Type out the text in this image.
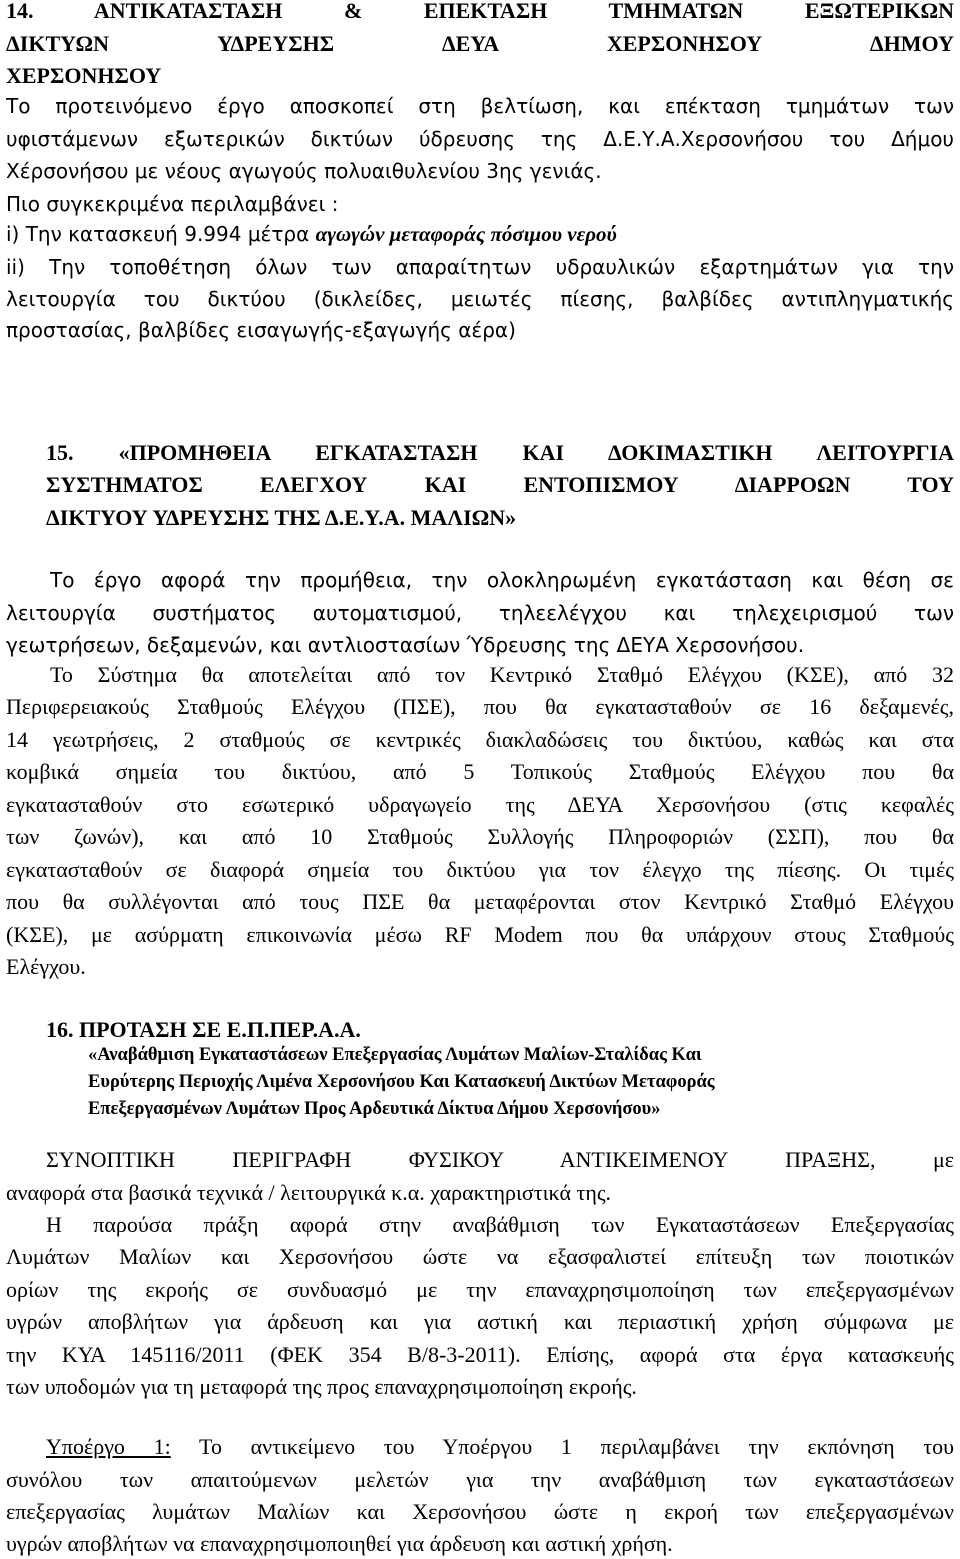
14. ΑΝΤΙΚΑΤΑΣΤΑΣΗ & ΕΠΕΚΤΑΣΗ ΤΜΗΜΑΤΩΝ ΕΞΩΤΕΡΙΚΩΝ
ΔΙΚΤΥΩΝ ΥΔΡΕΥΣΗΣ ΔΕΥΑ ΧΕΡΣΟΝΗΣΟΥ ΔΗΜΟΥ
ΧΕΡΣΟΝΗΣΟΥ
Το προτεινόμενο έργο αποσκοπεί στη βελτίωση, και επέκταση τμημάτων των
υφιστάμενων εξωτερικών δικτύων ύδρευσης της Δ.Ε.Υ.Α.Χερσονήσου του Δήμου
Χέρσονήσου με νέους αγωγούς πολυαιθυλενίου 3ης γενιάς.
Πιο συγκεκριμένα περιλαμβάνει :
i) Την κατασκευή 9.994 μέτρα αγωγών μεταφοράς πόσιμου νερού
ii) Την τοποθέτηση όλων των απαραίτητων υδραυλικών εξαρτημάτων για την
λειτουργία του δικτύου (δικλείδες, μειωτές πίεσης, βαλβίδες αντιπληγματικής
προστασίας, βαλβίδες εισαγωγής-εξαγωγής αέρα)
15. «ΠΡΟΜΗΘΕΙΑ ΕΓΚΑΤΑΣΤΑΣΗ ΚΑΙ ΔΟΚΙΜΑΣΤΙΚΗ ΛΕΙΤΟΥΡΓΙΑ
ΣΥΣΤΗΜΑΤΟΣ ΕΛΕΓΧΟΥ ΚΑΙ ΕΝΤΟΠΙΣΜΟΥ ΔΙΑΡΡΟΩΝ ΤΟΥ
ΔΙΚΤΥΟΥ ΥΔΡΕΥΣΗΣ ΤΗΣ Δ.Ε.Υ.Α. ΜΑΛΙΩΝ»
Το έργο αφορά την προμήθεια, την ολοκληρωμένη εγκατάσταση και θέση σε
λειτουργία συστήματος αυτοματισμού, τηλεελέγχου και τηλεχειρισμού των
γεωτρήσεων, δεξαμενών, και αντλιοστασίων Ύδρευσης της ΔΕΥΑ Χερσονήσου.
Το Σύστημα θα αποτελείται από τον Κεντρικό Σταθμό Ελέγχου (ΚΣΕ), από 32
Περιφερειακούς Σταθμούς Ελέγχου (ΠΣΕ), που θα εγκατασταθούν σε 16 δεξαμενές,
14 γεωτρήσεις, 2 σταθμούς σε κεντρικές διακλαδώσεις του δικτύου, καθώς και στα
κομβικά σημεία του δικτύου, από 5 Τοπικούς Σταθμούς Ελέγχου που θα
εγκατασταθούν στο εσωτερικό υδραγωγείο της ΔΕΥΑ Χερσονήσου (στις κεφαλές
των ζωνών), και από 10 Σταθμούς Συλλογής Πληροφοριών (ΣΣΠ), που θα
εγκατασταθούν σε διαφορά σημεία του δικτύου για τον έλεγχο της πίεσης. Οι τιμές
που θα συλλέγονται από τους ΠΣΕ θα μεταφέρονται στον Κεντρικό Σταθμό Ελέγχου
(ΚΣΕ), με ασύρματη επικοινωνία μέσω RF Modem που θα υπάρχουν στους Σταθμούς
Ελέγχου.
16. ΠΡΟΤΑΣΗ ΣΕ Ε.Π.ΠΕΡ.Α.Α.
«Αναβάθμιση Εγκαταστάσεων Επεξεργασίας Λυμάτων Μαλίων-Σταλίδας Και
Ευρύτερης Περιοχής Λιμένα Χερσονήσου Και Κατασκευή Δικτύων Μεταφοράς
Επεξεργασμένων Λυμάτων Προς Αρδευτικά Δίκτυα Δήμου Χερσονήσου»
ΣΥΝΟΠΤΙΚΗ ΠΕΡΙΓΡΑΦΗ ΦΥΣΙΚΟΥ ΑΝΤΙΚΕΙΜΕΝΟΥ ΠΡΑΞΗΣ, με
αναφορά στα βασικά τεχνικά / λειτουργικά κ.α. χαρακτηριστικά της.
Η παρούσα πράξη αφορά στην αναβάθμιση των Εγκαταστάσεων Επεξεργασίας
Λυμάτων Μαλίων και Χερσονήσου ώστε να εξασφαλιστεί επίτευξη των ποιοτικών
ορίων της εκροής σε συνδυασμό με την επαναχρησιμοποίηση των επεξεργασμένων
υγρών αποβλήτων για άρδευση και για αστική και περιαστική χρήση σύμφωνα με
την ΚΥΑ 145116/2011 (ΦΕΚ 354 Β/8-3-2011). Επίσης, αφορά στα έργα κατασκευής
των υποδομών για τη μεταφορά της προς επαναχρησιμοποίηση εκροής.
Υποέργο 1: Το αντικείμενο του Υποέργου 1 περιλαμβάνει την εκπόνηση του
συνόλου των απαιτούμενων μελετών για την αναβάθμιση των εγκαταστάσεων
επεξεργασίας λυμάτων Μαλίων και Χερσονήσου ώστε η εκροή των επεξεργασμένων
υγρών αποβλήτων να επαναχρησιμοποιηθεί για άρδευση και αστική χρήση.
